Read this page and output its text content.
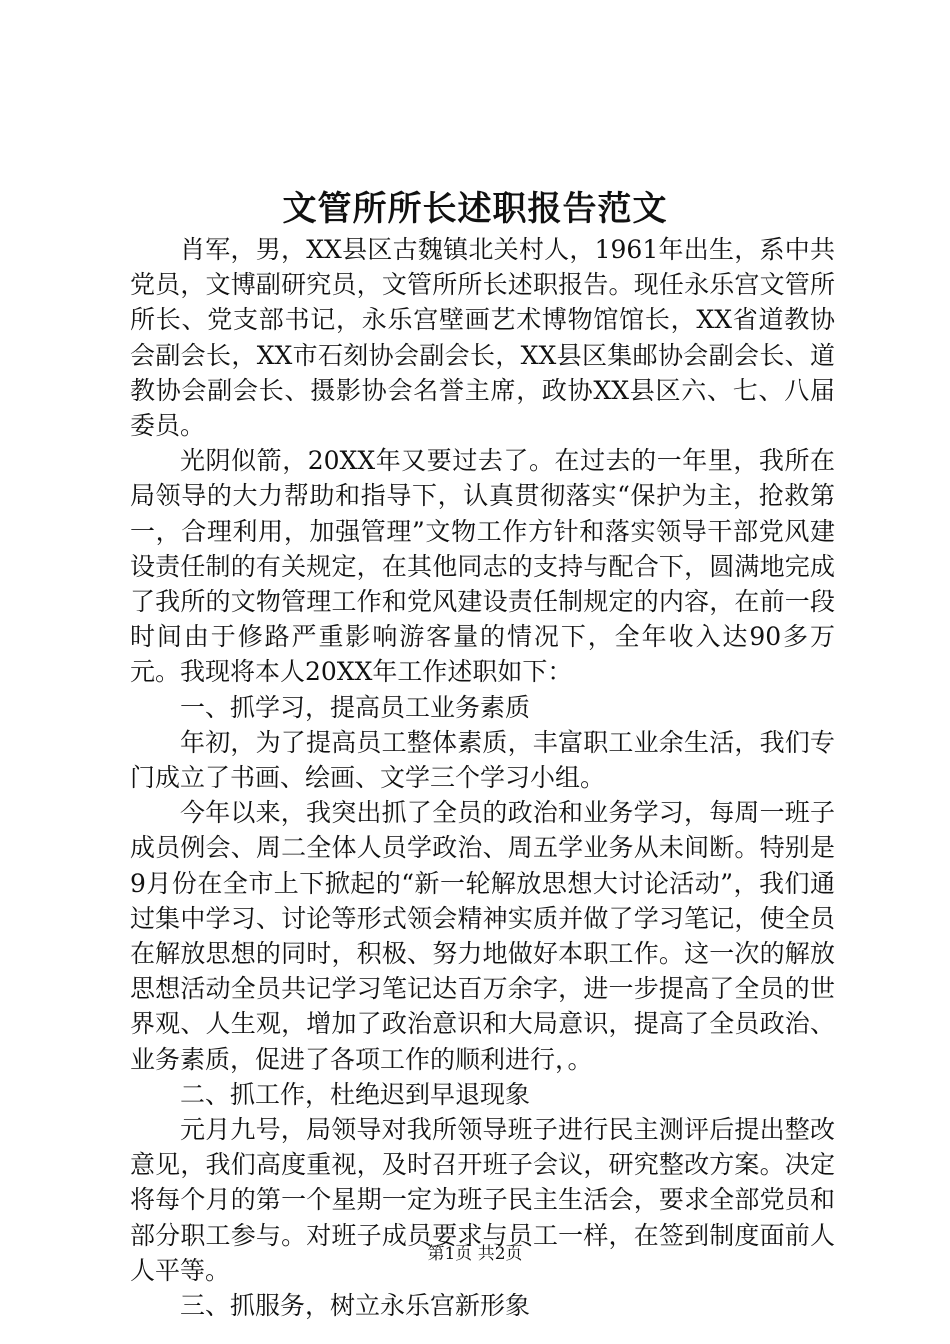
文管所所长述职报告范文

肖军，男，XX县区古魏镇北关村人，1961年出生，系中共党员，文博副研究员，文管所所长述职报告。现任永乐宫文管所所长、党支部书记，永乐宫壁画艺术博物馆馆长，XX省道教协会副会长，XX市石刻协会副会长，XX县区集邮协会副会长、道教协会副会长、摄影协会名誉主席，政协XX县区六、七、八届委员。

光阴似箭，20XX年又要过去了。在过去的一年里，我所在局领导的大力帮助和指导下，认真贯彻落实“保护为主，抢救第一，合理利用，加强管理”文物工作方针和落实领导干部党风建设责任制的有关规定，在其他同志的支持与配合下，圆满地完成了我所的文物管理工作和党风建设责任制规定的内容，在前一段时间由于修路严重影响游客量的情况下，全年收入达90多万元。我现将本人20XX年工作述职如下：

一、抓学习，提高员工业务素质

年初，为了提高员工整体素质，丰富职工业余生活，我们专门成立了书画、绘画、文学三个学习小组。

今年以来，我突出抓了全员的政治和业务学习，每周一班子成员例会、周二全体人员学政治、周五学业务从未间断。特别是9月份在全市上下掀起的“新一轮解放思想大讨论活动”，我们通过集中学习、讨论等形式领会精神实质并做了学习笔记，使全员在解放思想的同时，积极、努力地做好本职工作。这一次的解放思想活动全员共记学习笔记达百万余字，进一步提高了全员的世界观、人生观，增加了政治意识和大局意识，提高了全员政治、业务素质，促进了各项工作的顺利进行，。

二、抓工作，杜绝迟到早退现象

元月九号，局领导对我所领导班子进行民主测评后提出整改意见，我们高度重视，及时召开班子会议，研究整改方案。决定将每个月的第一个星期一定为班子民主生活会，要求全部党员和部分职工参与。对班子成员要求与员工一样，在签到制度面前人人平等。

三、抓服务，树立永乐宫新形象

第1页 共2页
